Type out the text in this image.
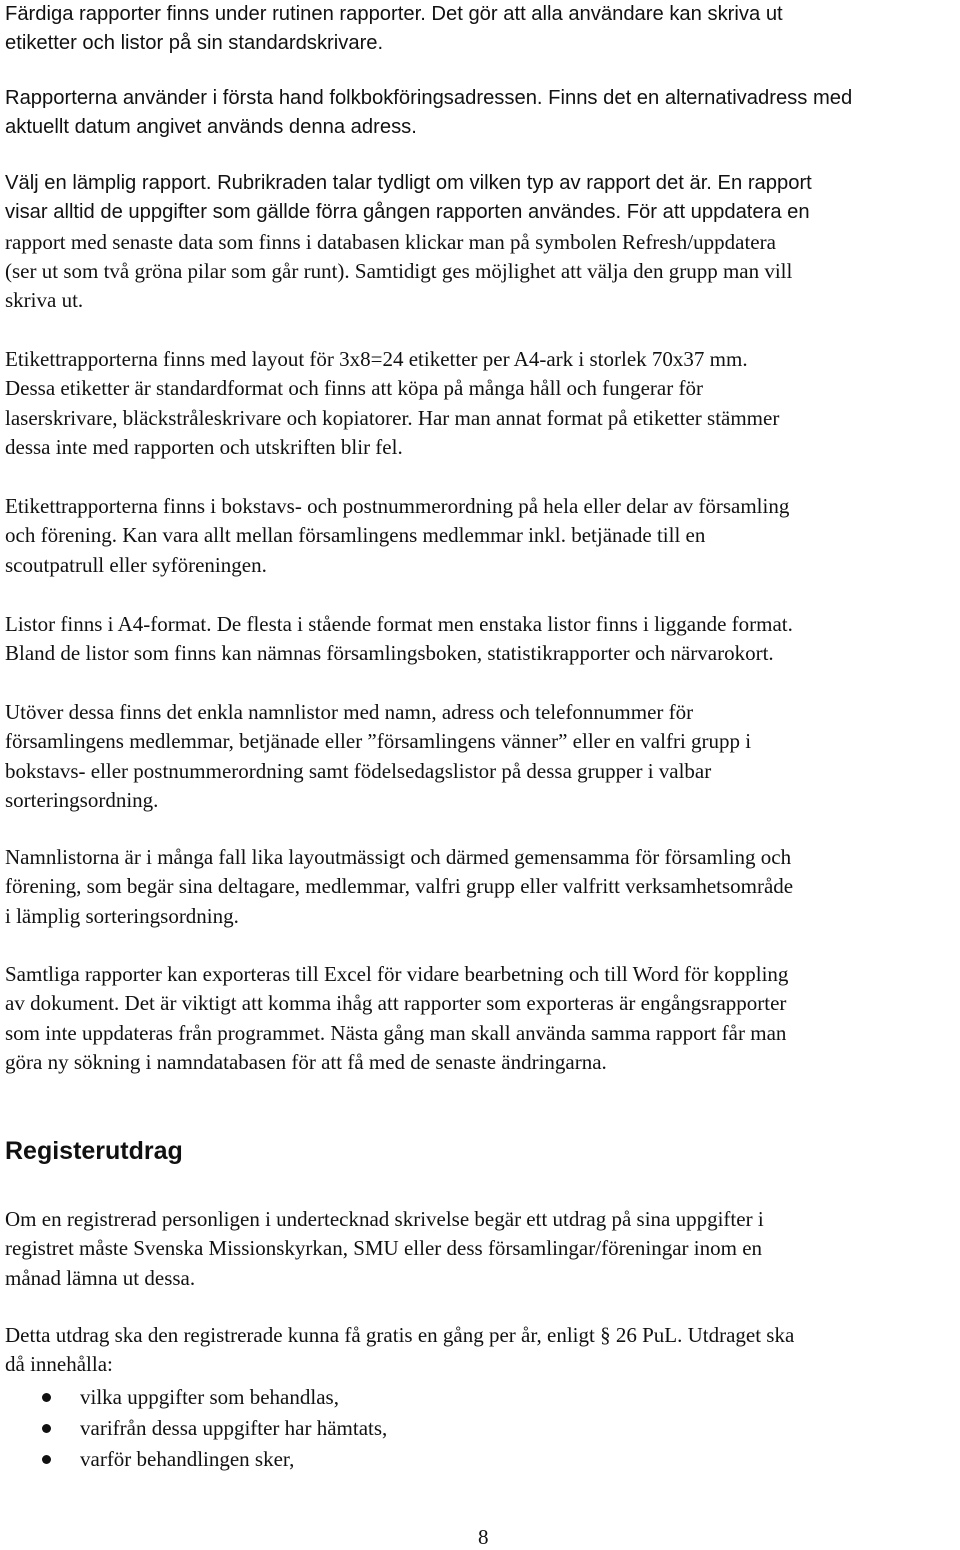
Färdiga rapporter finns under rutinen rapporter. Det gör att alla användare kan skriva ut
etiketter och listor på sin standardskrivare.

Rapporterna använder i första hand folkbokföringsadressen. Finns det en alternativadress med
aktuellt datum angivet används denna adress.

Välj en lämplig rapport. Rubrikraden talar tydligt om vilken typ av rapport det är. En rapport
visar alltid de uppgifter som gällde förra gången rapporten användes. För att uppdatera en
rapport med senaste data som finns i databasen klickar man på symbolen Refresh/uppdatera
(ser ut som två gröna pilar som går runt). Samtidigt ges möjlighet att välja den grupp man vill
skriva ut.

Etikettrapporterna finns med layout för 3x8=24 etiketter per A4-ark i storlek 70x37 mm.
Dessa etiketter är standardformat och finns att köpa på många håll och fungerar för
laserskrivare, bläckstråleskrivare och kopiatorer. Har man annat format på etiketter stämmer
dessa inte med rapporten och utskriften blir fel.

Etikettrapporterna finns i bokstavs- och postnummerordning på hela eller delar av församling
och förening. Kan vara allt mellan församlingens medlemmar inkl. betjänade till en
scoutpatrull eller syföreningen.

Listor finns i A4-format. De flesta i stående format men enstaka listor finns i liggande format.
Bland de listor som finns kan nämnas församlingsboken, statistikrapporter och närvarokort.

Utöver dessa finns det enkla namnlistor med namn, adress och telefonnummer för
församlingens medlemmar, betjänade eller ”församlingens vänner” eller en valfri grupp i
bokstavs- eller postnummerordning samt födelsedagslistor på dessa grupper i valbar
sorteringsordning.

Namnlistorna är i många fall lika layoutmässigt och därmed gemensamma för församling och
förening, som begär sina deltagare, medlemmar, valfri grupp eller valfritt verksamhetsområde
i lämplig sorteringsordning.

Samtliga rapporter kan exporteras till Excel för vidare bearbetning och till Word för koppling
av dokument. Det är viktigt att komma ihåg att rapporter som exporteras är engångsrapporter
som inte uppdateras från programmet. Nästa gång man skall använda samma rapport får man
göra ny sökning i namndatabasen för att få med de senaste ändringarna.

Registerutdrag

Om en registrerad personligen i undertecknad skrivelse begär ett utdrag på sina uppgifter i
registret måste Svenska Missionskyrkan, SMU eller dess församlingar/föreningar inom en
månad lämna ut dessa.

Detta utdrag ska den registrerade kunna få gratis en gång per år, enligt § 26 PuL. Utdraget ska
då innehålla:

vilka uppgifter som behandlas,
varifrån dessa uppgifter har hämtats,
varför behandlingen sker,
8
